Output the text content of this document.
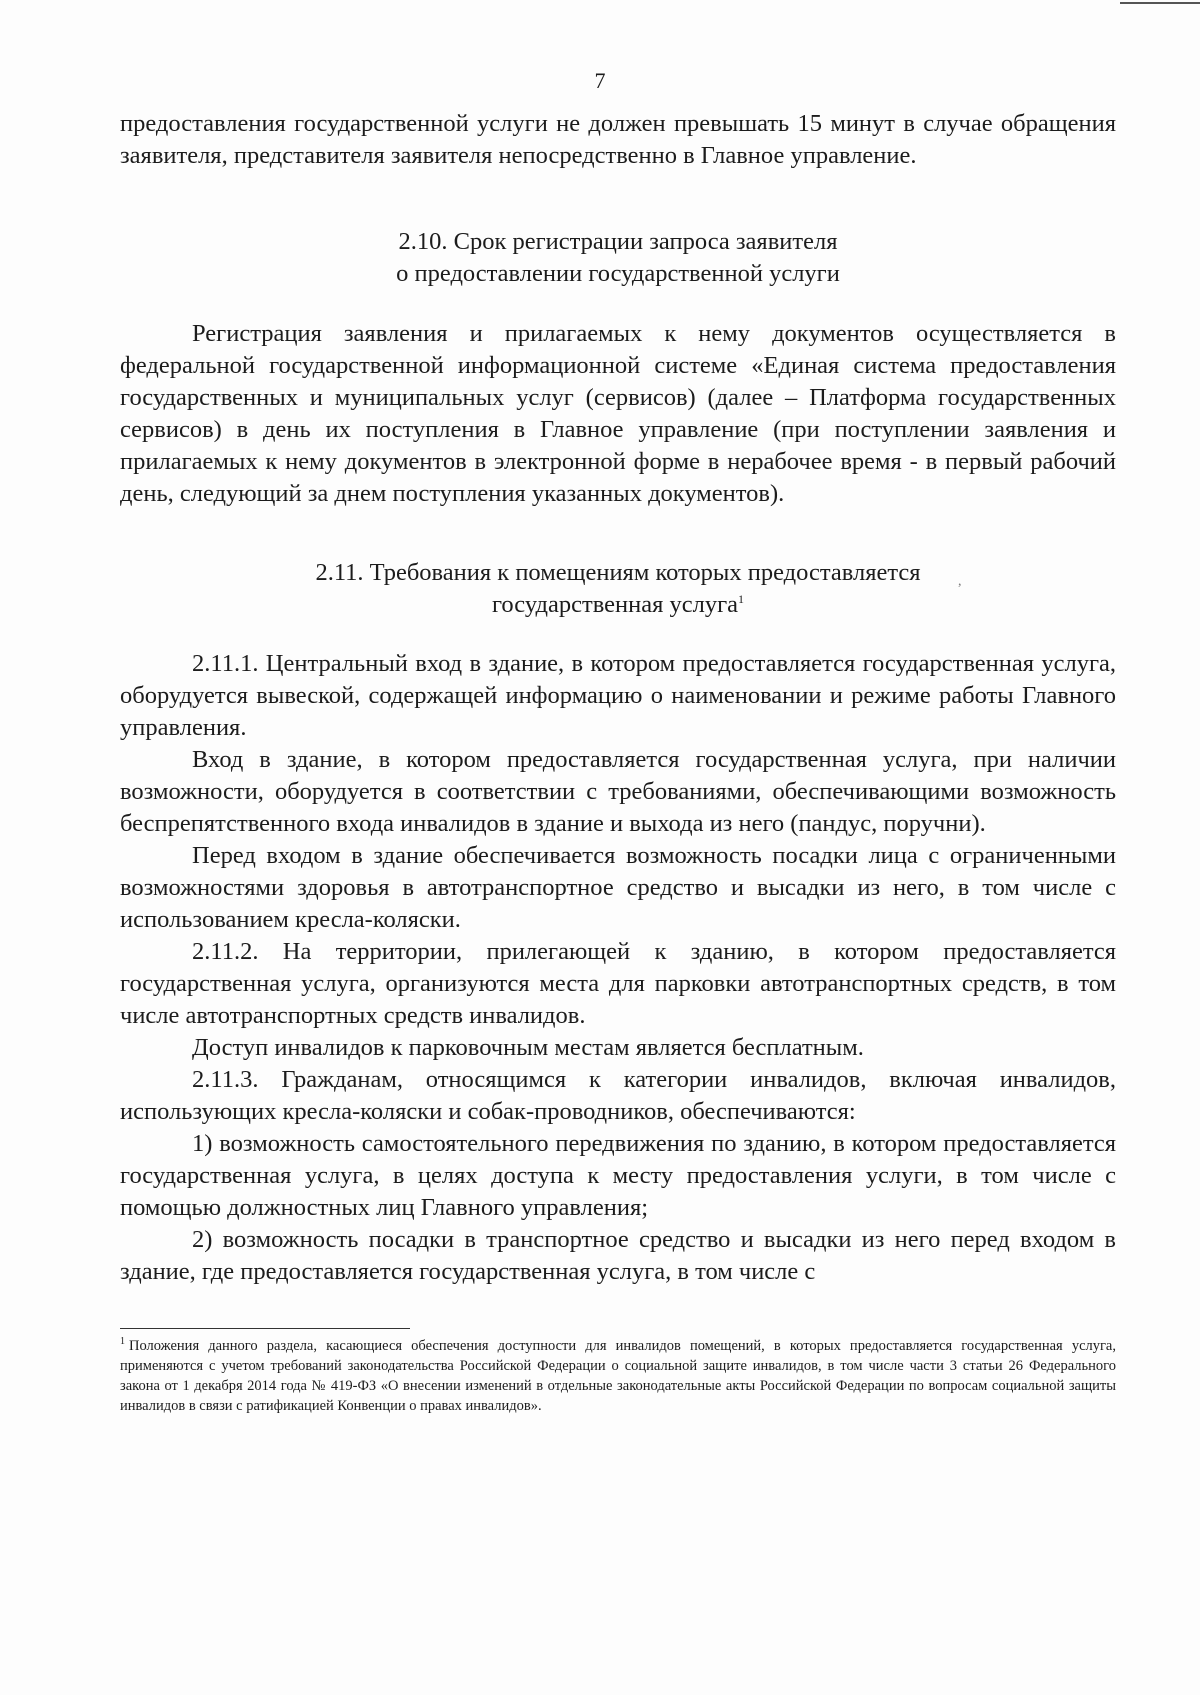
7

предоставления государственной услуги не должен превышать 15 минут в случае обращения заявителя, представителя заявителя непосредственно в Главное управление.

2.10. Срок регистрации запроса заявителя

о предоставлении государственной услуги

Регистрация заявления и прилагаемых к нему документов осуществляется в федеральной государственной информационной системе «Единая система предоставления государственных и муниципальных услуг (сервисов) (далее – Платформа государственных сервисов) в день их поступления в Главное управление (при поступлении заявления и прилагаемых к нему документов в электронной форме в нерабочее время - в первый рабочий день, следующий за днем поступления указанных документов).

,

2.11. Требования к помещениям которых предоставляется

государственная услуга$^1$

2.11.1. Центральный вход в здание, в котором предоставляется государственная услуга, оборудуется вывеской, содержащей информацию о наименовании и режиме работы Главного управления.

Вход в здание, в котором предоставляется государственная услуга, при наличии возможности, оборудуется в соответствии с требованиями, обеспечивающими возможность беспрепятственного входа инвалидов в здание и выхода из него (пандус, поручни).

Перед входом в здание обеспечивается возможность посадки лица с ограниченными возможностями здоровья в автотранспортное средство и высадки из него, в том числе с использованием кресла-коляски.

2.11.2. На территории, прилегающей к зданию, в котором предоставляется государственная услуга, организуются места для парковки автотранспортных средств, в том числе автотранспортных средств инвалидов.

Доступ инвалидов к парковочным местам является бесплатным.

2.11.3. Гражданам, относящимся к категории инвалидов, включая инвалидов, использующих кресла-коляски и собак-проводников, обеспечиваются:

1) возможность самостоятельного передвижения по зданию, в котором предоставляется государственная услуга, в целях доступа к месту предоставления услуги, в том числе с помощью должностных лиц Главного управления;

2) возможность посадки в транспортное средство и высадки из него перед входом в здание, где предоставляется государственная услуга, в том числе с

$^1$ Положения данного раздела, касающиеся обеспечения доступности для инвалидов помещений, в которых предоставляется государственная услуга, применяются с учетом требований законодательства Российской Федерации о социальной защите инвалидов, в том числе части 3 статьи 26 Федерального закона от 1 декабря 2014 года № 419-ФЗ «О внесении изменений в отдельные законодательные акты Российской Федерации по вопросам социальной защиты инвалидов в связи с ратификацией Конвенции о правах инвалидов».
